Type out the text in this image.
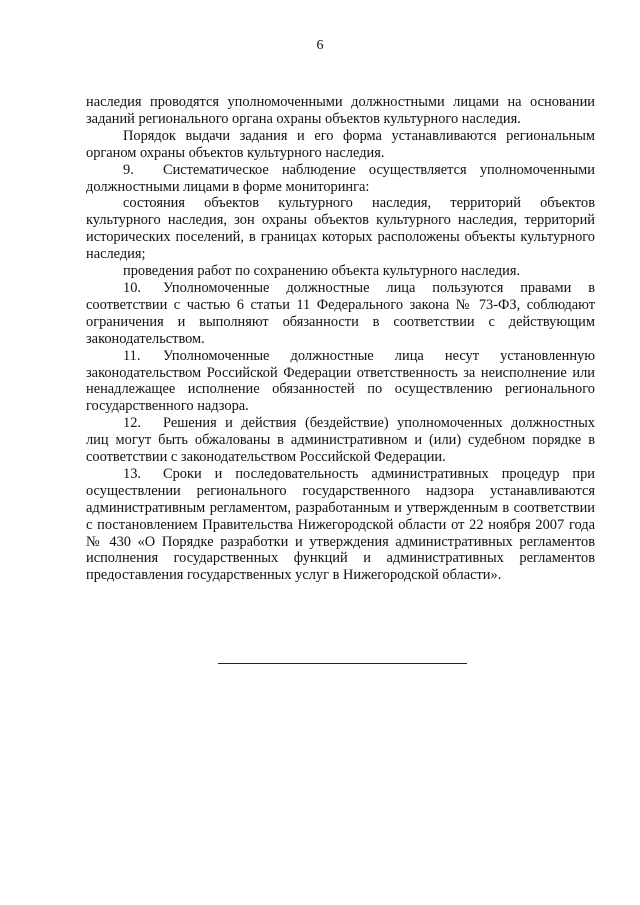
6

наследия проводятся уполномоченными должностными лицами на основании заданий регионального органа охраны объектов культурного наследия.

Порядок выдачи задания и его форма устанавливаются региональным органом охраны объектов культурного наследия.

9. Систематическое наблюдение осуществляется уполномоченными должностными лицами в форме мониторинга:

состояния объектов культурного наследия, территорий объектов культурного наследия, зон охраны объектов культурного наследия, территорий исторических поселений, в границах которых расположены объекты культурного наследия;

проведения работ по сохранению объекта культурного наследия.

10. Уполномоченные должностные лица пользуются правами в соответствии с частью 6 статьи 11 Федерального закона № 73-ФЗ, соблюдают ограничения и выполняют обязанности в соответствии с действующим законодательством.

11. Уполномоченные должностные лица несут установленную законодательством Российской Федерации ответственность за неисполнение или ненадлежащее исполнение обязанностей по осуществлению регионального государственного надзора.

12. Решения и действия (бездействие) уполномоченных должностных лиц могут быть обжалованы в административном и (или) судебном порядке в соответствии с законодательством Российской Федерации.

13. Сроки и последовательность административных процедур при осуществлении регионального государственного надзора устанавливаются административным регламентом, разработанным и утвержденным в соответствии с постановлением Правительства Нижегородской области от 22 ноября 2007 года № 430 «О Порядке разработки и утверждения административных регламентов исполнения государственных функций и административных регламентов предоставления государственных услуг в Нижегородской области».
